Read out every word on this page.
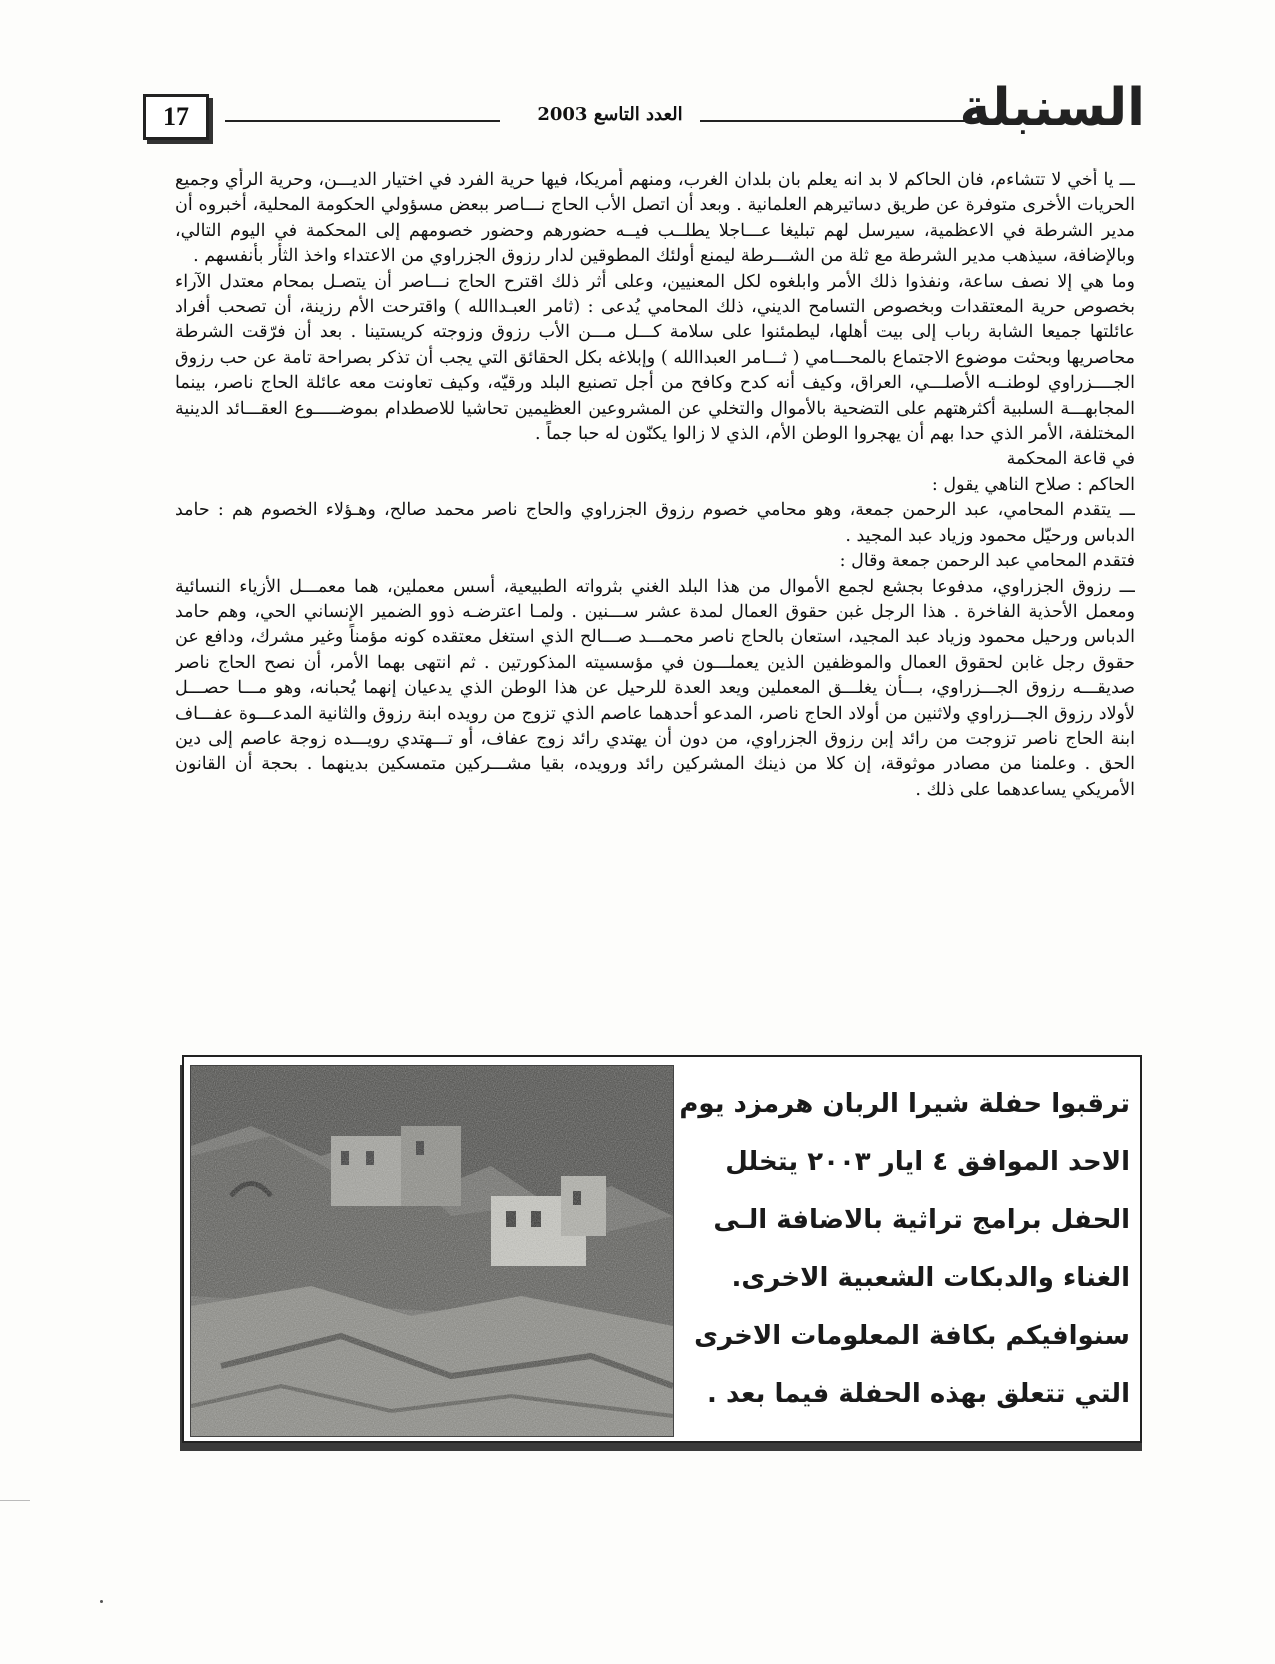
السنبلة
العدد التاسع 2003
17

ـــ يا أخي لا تتشاءم، فان الحاكم لا بد انه يعلم بان بلدان الغرب، ومنهم أمريكا، فيها حرية الفرد في اختيار الديـــن، وحرية الرأي وجميع الحريات الأخرى متوفرة عن طريق دساتيرهم العلمانية . وبعد أن اتصل الأب الحاج نـــاصر ببعض مسؤولي الحكومة المحلية، أخبروه أن مدير الشرطة في الاعظمية، سيرسل لهم تبليغا عـــاجلا يطلــب فيــه حضورهم وحضور خصومهم إلى المحكمة في اليوم التالي، وبالإضافة، سيذهب مدير الشرطة مع ثلة من الشـــرطة ليمنع أولئك المطوقين لدار رزوق الجزراوي من الاعتداء واخذ الثأر بأنفسهم .

وما هي إلا نصف ساعة، ونفذوا ذلك الأمر وابلغوه لكل المعنيين، وعلى أثر ذلك اقترح الحاج نـــاصر أن يتصـل بمحام معتدل الآراء بخصوص حرية المعتقدات وبخصوص التسامح الديني، ذلك المحامي يُدعى : (ثامر العبـداالله ) واقترحت الأم رزينة، أن تصحب أفراد عائلتها جميعا الشابة رباب إلى بيت أهلها، ليطمئنوا على سلامة كـــل مـــن الأب رزوق وزوجته كريستينا . بعد أن فرّقت الشرطة محاصريها وبحثت موضوع الاجتماع بالمحـــامي ( ثـــامر العبداالله ) وإبلاغه بكل الحقائق التي يجب أن تذكر بصراحة تامة عن حب رزوق الجــــزراوي لوطنــه الأصلـــي، العراق، وكيف أنه كدح وكافح من أجل تصنيع البلد ورقيّه، وكيف تعاونت معه عائلة الحاج ناصر، بينما المجابهـــة السلبية أكثرهتهم على التضحية بالأموال والتخلي عن المشروعين العظيمين تحاشيا للاصطدام بموضـــــوع العقـــائد الدينية المختلفة، الأمر الذي حدا بهم أن يهجروا الوطن الأم، الذي لا زالوا يكنّون له حبا جماً .

في قاعة المحكمة

الحاكم : صلاح الناهي يقول :

ـــ يتقدم المحامي، عبد الرحمن جمعة، وهو محامي خصوم رزوق الجزراوي والحاج ناصر محمد صالح، وهـؤلاء الخصوم هم : حامد الدباس ورحيّل محمود وزياد عبد المجيد .

فتقدم المحامي عبد الرحمن جمعة وقال :

ـــ رزوق الجزراوي، مدفوعا بجشع لجمع الأموال من هذا البلد الغني بثرواته الطبيعية، أسس معملين، هما معمـــل الأزياء النسائية ومعمل الأحذية الفاخرة . هذا الرجل غبن حقوق العمال لمدة عشر ســـنين . ولمـا اعترضـه ذوو الضمير الإنساني الحي، وهم حامد الدباس ورحيل محمود وزياد عبد المجيد، استعان بالحاج ناصر محمـــد صـــالح الذي استغل معتقده كونه مؤمناً وغير مشرك، ودافع عن حقوق رجل غابن لحقوق العمال والموظفين الذين يعملـــون في مؤسسيته المذكورتين . ثم انتهى بهما الأمر، أن نصح الحاج ناصر صديقـــه رزوق الجـــزراوي، بـــأن يغلـــق المعملين ويعد العدة للرحيل عن هذا الوطن الذي يدعيان إنهما يُحبانه، وهو مـــا حصـــل لأولاد رزوق الجـــزراوي ولاثنين من أولاد الحاج ناصر، المدعو أحدهما عاصم الذي تزوج من رويده ابنة رزوق والثانية المدعـــوة عفـــاف ابنة الحاج ناصر تزوجت من رائد إبن رزوق الجزراوي، من دون أن يهتدي رائد زوج عفاف، أو تـــهتدي رويـــده زوجة عاصم إلى دين الحق . وعلمنا من مصادر موثوقة، إن كلا من ذينك المشركين رائد ورويده، بقيا مشـــركين متمسكين بدينهما . بحجة أن القانون الأمريكي يساعدهما على ذلك .

ترقبوا حفلة شيرا الربان هرمزد يوم
الاحد الموافق ٤ ايار ٢٠٠٣ يتخلل
الحفل برامج تراثية بالاضافة الـى
الغناء والدبكات الشعبية الاخرى.
سنوافيكم بكافة المعلومات الاخرى
التي تتعلق بهذه الحفلة فيما بعد .
